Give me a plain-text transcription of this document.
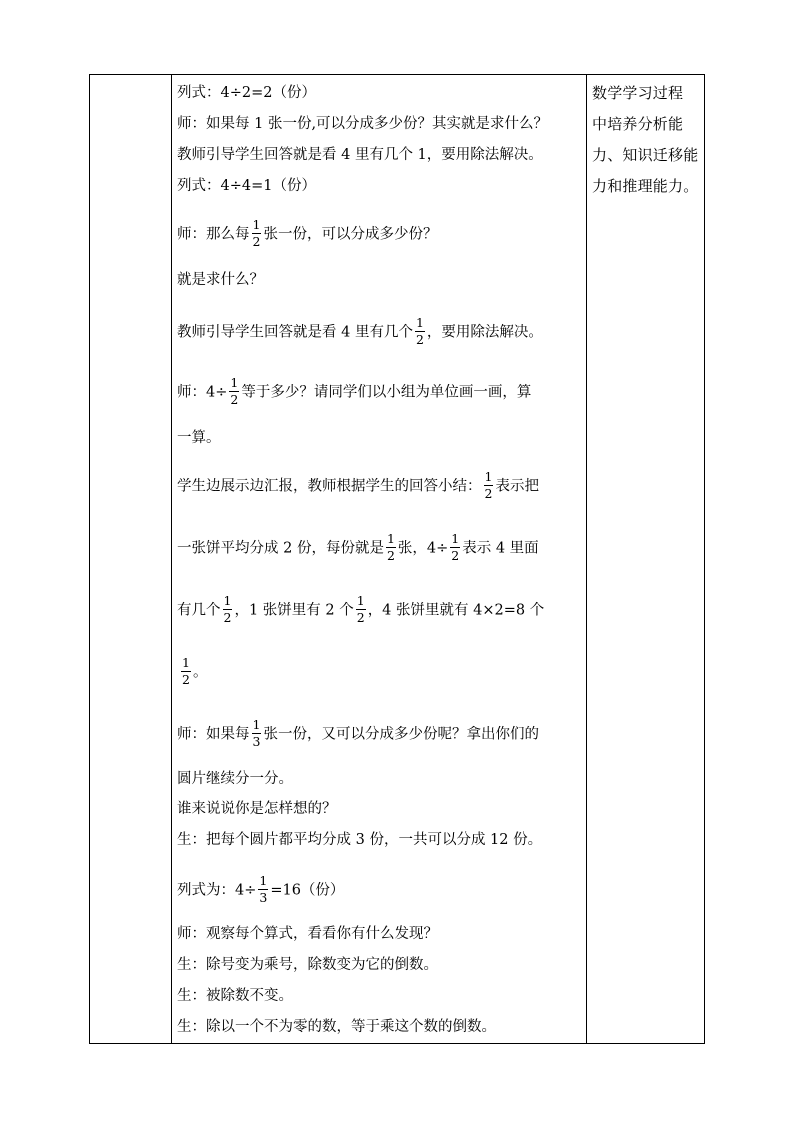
列式：4÷2=2（份）
师：如果每 1 张一份,可以分成多少份？其实就是求什么？
教师引导学生回答就是看 4 里有几个 1，要用除法解决。
列式：4÷4=1（份）
师：那么每 $\frac{1}{2}$ 张一份，可以分成多少份？
就是求什么？
教师引导学生回答就是看 4 里有几个 $\frac{1}{2}$ ，要用除法解决。
师：$4\div \frac{1}{2}$ 等于多少？请同学们以小组为单位画一画，算
一算。
学生边展示边汇报，教师根据学生的回答小结： $\frac{1}{2}$ 表示把
一张饼平均分成 2 份，每份就是 $\frac{1}{2}$ 张，$4\div \frac{1}{2}$ 表示 4 里面
有几个 $\frac{1}{2}$ ，1 张饼里有 2 个 $\frac{1}{2}$ ，4 张饼里就有 4×2=8 个
$\frac{1}{2}$ 。
师：如果每 $\frac{1}{3}$ 张一份，又可以分成多少份呢？拿出你们的
圆片继续分一分。
谁来说说你是怎样想的？
生：把每个圆片都平均分成 3 份，一共可以分成 12 份。
列式为：$4\div \frac{1}{3} =16$（份）
师：观察每个算式，看看你有什么发现？
生：除号变为乘号，除数变为它的倒数。
生：被除数不变。
生：除以一个不为零的数，等于乘这个数的倒数。
数学学习过程
中培养分析能
力、知识迁移能
力和推理能力。
